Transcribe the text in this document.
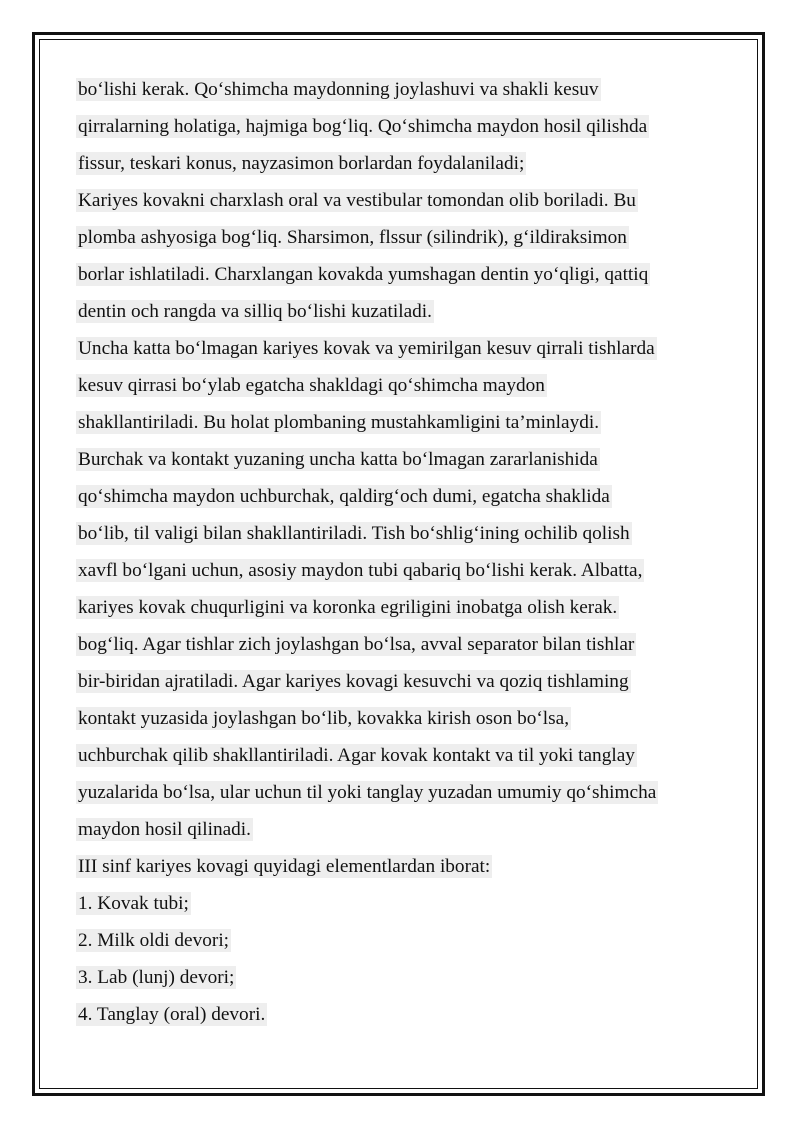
boʻlishi kerak. Qoʻshimcha maydonning joylashuvi va shakli kesuv
qirralarning holatiga, hajmiga bogʻliq. Qoʻshimcha maydon hosil qilishda
fissur, teskari konus, nayzasimon borlardan foydalaniladi;
Kariyes kovakni charxlash oral va vestibular tomondan olib boriladi. Bu
plomba ashyosiga bogʻliq. Sharsimon, flssur (silindrik), gʻildiraksimon
borlar ishlatiladi. Charxlangan kovakda yumshagan dentin yoʻqligi, qattiq
dentin och rangda va silliq boʻlishi kuzatiladi.
Uncha katta boʻlmagan kariyes kovak va yemirilgan kesuv qirrali tishlarda
kesuv qirrasi boʻylab egatcha shakldagi qoʻshimcha maydon
shakllantiriladi. Bu holat plombaning mustahkamligini taʼminlaydi.
Burchak va kontakt yuzaning uncha katta boʻlmagan zararlanishida
qoʻshimcha maydon uchburchak, qaldirgʻoch dumi, egatcha shaklida
boʻlib, til valigi bilan shakllantiriladi. Tish boʻshligʻining ochilib qolish
xavfl boʻlgani uchun, asosiy maydon tubi qabariq boʻlishi kerak. Albatta,
kariyes kovak chuqurligini va koronka egriligini inobatga olish kerak.
bogʻliq. Agar tishlar zich joylashgan boʻlsa, avval separator bilan tishlar
bir-biridan ajratiladi. Agar kariyes kovagi kesuvchi va qoziq tishlaming
kontakt yuzasida joylashgan boʻlib, kovakka kirish oson boʻlsa,
uchburchak qilib shakllantiriladi. Agar kovak kontakt va til yoki tanglay
yuzalarida boʻlsa, ular uchun til yoki tanglay yuzadan umumiy qoʻshimcha
maydon hosil qilinadi.
III sinf kariyes kovagi quyidagi elementlardan iborat:
1. Kovak tubi;
2. Milk oldi devori;
3. Lab (lunj) devori;
4. Tanglay (oral) devori.
